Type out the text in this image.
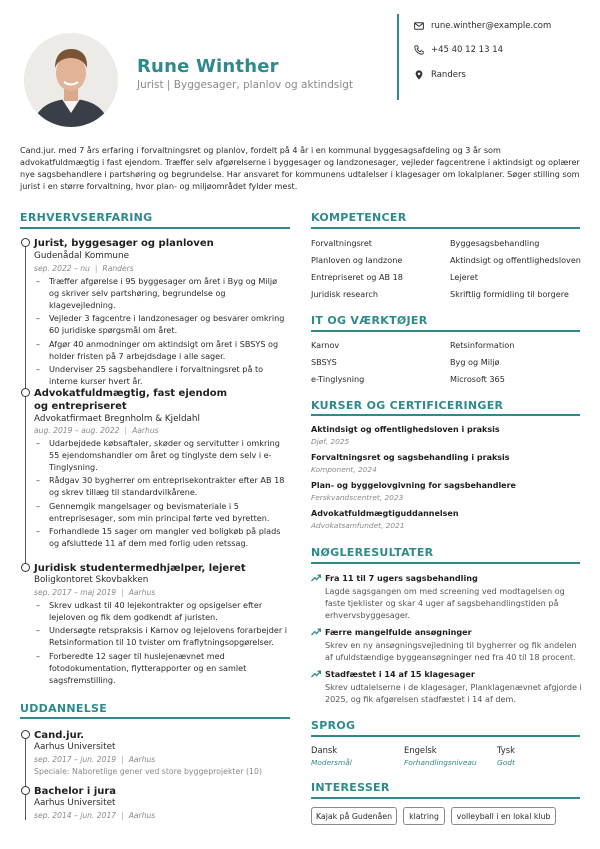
Rune Winther
Jurist | Byggesager, planlov og aktindsigt
rune.winther@example.com
+45 40 12 13 14
Randers
Cand.jur. med 7 års erfaring i forvaltningsret og planlov, fordelt på 4 år i en kommunal byggesagsafdeling og 3 år som advokatfuldmægtig i fast ejendom. Træffer selv afgørelserne i byggesager og landzonesager, vejleder fagcentrene i aktindsigt og oplærer nye sagsbehandlere i partshøring og begrundelse. Har ansvaret for kommunens udtalelser i klagesager om lokalplaner. Søger stilling som jurist i en større forvaltning, hvor plan- og miljøområdet fylder mest.
ERHVERVSERFARING
Jurist, byggesager og planloven
Gudenådal Kommune
sep. 2022 – nu | Randers
– Træffer afgørelse i 95 byggesager om året i Byg og Miljø og skriver selv partshøring, begrundelse og klagevejledning.
– Vejleder 3 fagcentre i landzonesager og besvarer omkring 60 juridiske spørgsmål om året.
– Afgør 40 anmodninger om aktindsigt om året i SBSYS og holder fristen på 7 arbejdsdage i alle sager.
– Underviser 25 sagsbehandlere i forvaltningsret på to interne kurser hvert år.
Advokatfuldmægtig, fast ejendom
og entrepriseret
Advokatfirmaet Bregnholm & Kjeldahl
aug. 2019 – aug. 2022 | Aarhus
– Udarbejdede købsaftaler, skøder og servitutter i omkring 55 ejendomshandler om året og tinglyste dem selv i e-Tinglysning.
– Rådgav 30 bygherrer om entreprisekontrakter efter AB 18 og skrev tillæg til standardvilkårene.
– Gennemgik mangelsager og bevismateriale i 5 entreprisesager, som min principal førte ved byretten.
– Forhandlede 15 sager om mangler ved boligkøb på plads og afsluttede 11 af dem med forlig uden retssag.
Juridisk studentermedhjælper, lejeret
Boligkontoret Skovbakken
sep. 2017 – maj 2019 | Aarhus
– Skrev udkast til 40 lejekontrakter og opsigelser efter lejeloven og fik dem godkendt af juristen.
– Undersøgte retspraksis i Karnov og lejelovens forarbejder i Retsinformation til 10 tvister om fraflytningsopgørelser.
– Forberedte 12 sager til huslejenævnet med fotodokumentation, flytterapporter og en samlet sagsfremstilling.
UDDANNELSE
Cand.jur.
Aarhus Universitet
sep. 2017 – jun. 2019 | Aarhus
Speciale: Naboretlige gener ved store byggeprojekter (10)
Bachelor i jura
Aarhus Universitet
sep. 2014 – jun. 2017 | Aarhus
KOMPETENCER
Forvaltningsret	Byggesagsbehandling
Planloven og landzone	Aktindsigt og offentlighedsloven
Entrepriseret og AB 18	Lejeret
Juridisk research	Skriftlig formidling til borgere
IT OG VÆRKTØJER
Karnov	Retsinformation
SBSYS	Byg og Miljø
e-Tinglysning	Microsoft 365
KURSER OG CERTIFICERINGER
Aktindsigt og offentlighedsloven i praksis
Djøf, 2025
Forvaltningsret og sagsbehandling i praksis
Komponent, 2024
Plan- og byggelovgivning for sagsbehandlere
Ferskvandscentret, 2023
Advokatfuldmægtiguddannelsen
Advokatsamfundet, 2021
NØGLERESULTATER
Fra 11 til 7 ugers sagsbehandling
Lagde sagsgangen om med screening ved modtagelsen og faste tjeklister og skar 4 uger af sagsbehandlingstiden på erhvervsbyggesager.
Færre mangelfulde ansøgninger
Skrev en ny ansøgningsvejledning til bygherrer og fik andelen af ufuldstændige byggeansøgninger ned fra 40 til 18 procent.
Stadfæstet i 14 af 15 klagesager
Skrev udtalelserne i de klagesager, Planklagenævnet afgjorde i 2025, og fik afgørelsen stadfæstet i 14 af dem.
SPROG
Dansk
Modersmål
Engelsk
Forhandlingsniveau
Tysk
Godt
INTERESSER
Kajak på Gudenåen	klatring	volleyball i en lokal klub
